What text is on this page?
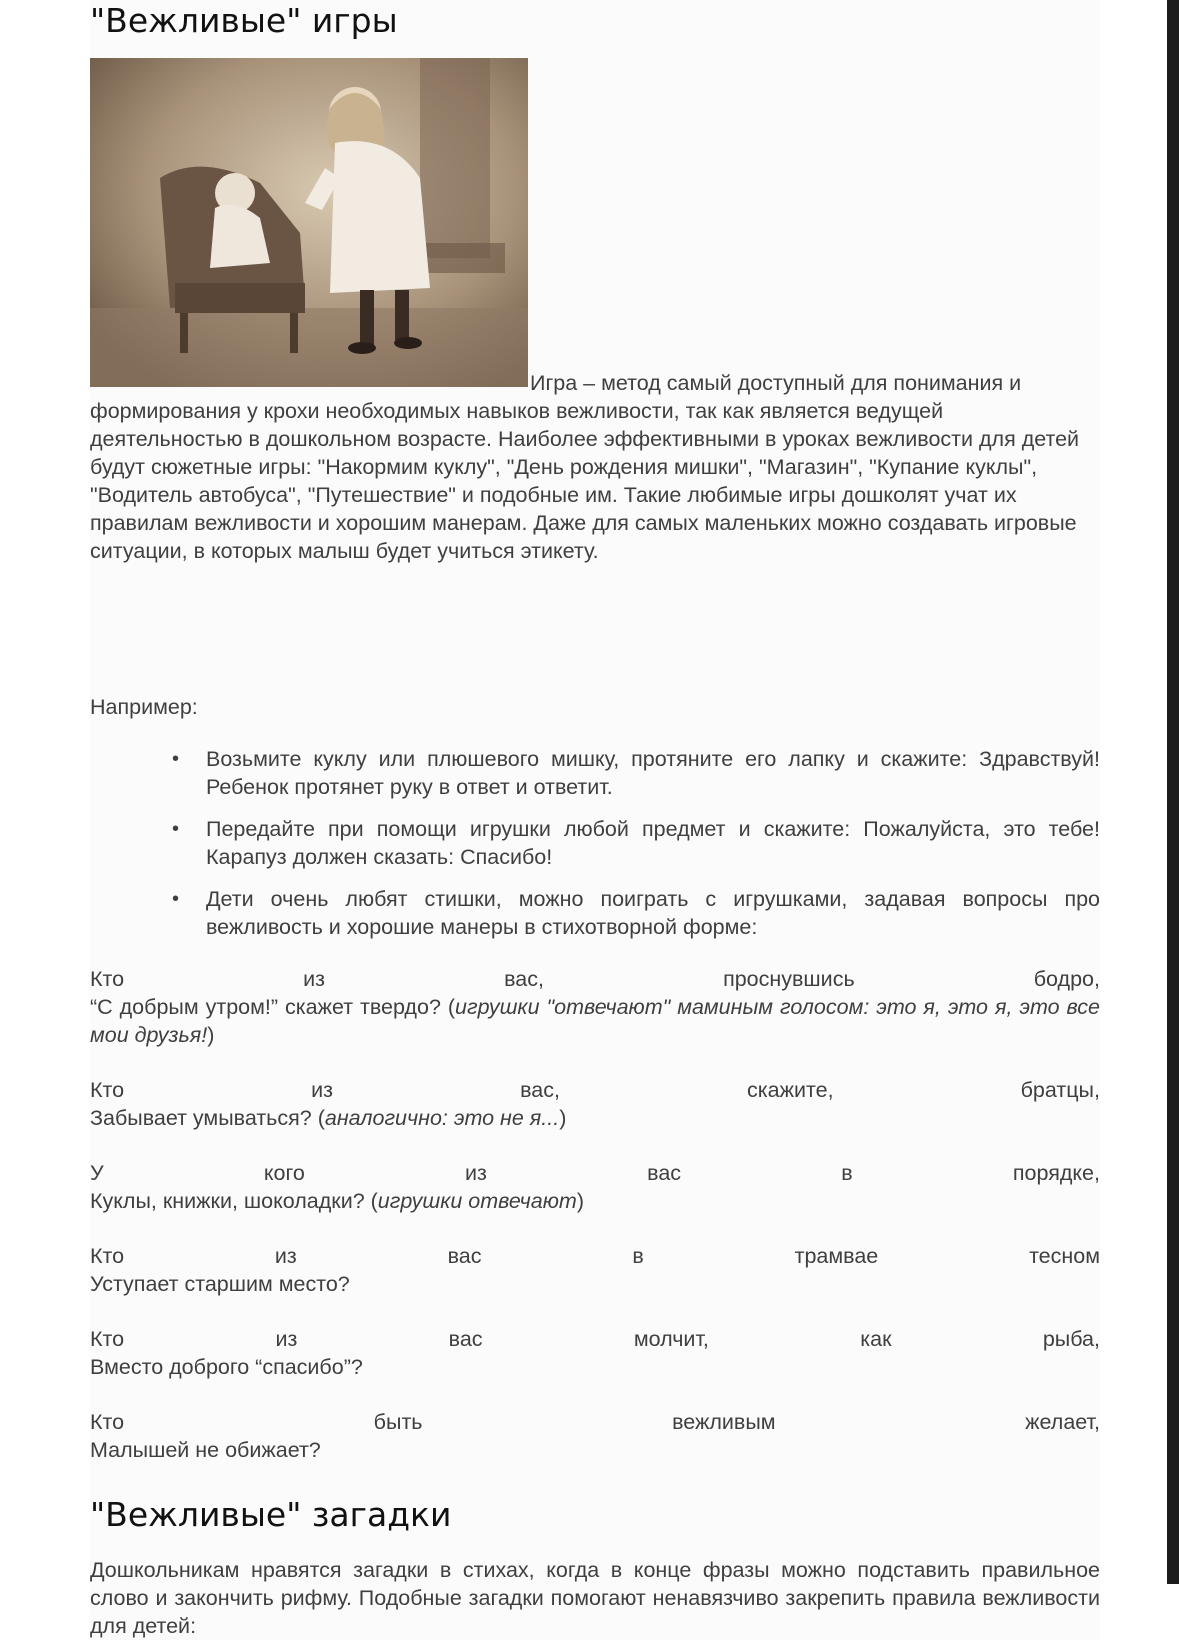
"Вежливые" игры

Игра – метод самый доступный для понимания и формирования у крохи необходимых навыков вежливости, так как является ведущей деятельностью в дошкольном возрасте. Наиболее эффективными в уроках вежливости для детей будут сюжетные игры: "Накормим куклу", "День рождения мишки", "Магазин", "Купание куклы", "Водитель автобуса", "Путешествие" и подобные им. Такие любимые игры дошколят учат их правилам вежливости и хорошим манерам. Даже для самых маленьких можно создавать игровые ситуации, в которых малыш будет учиться этикету.

Например:

• Возьмите куклу или плюшевого мишку, протяните его лапку и скажите: Здравствуй! Ребенок протянет руку в ответ и ответит.
• Передайте при помощи игрушки любой предмет и скажите: Пожалуйста, это тебе! Карапуз должен сказать: Спасибо!
• Дети очень любят стишки, можно поиграть с игрушками, задавая вопросы про вежливость и хорошие манеры в стихотворной форме:

Кто	из	вас,	проснувшись	бодро,

“С добрым утром!” скажет твердо? (игрушки "отвечают" маминым голосом: это я, это я, это все мои друзья!)

Кто	из	вас,	скажите,	братцы,

Забывает умываться? (аналогично: это не я...)

У	кого	из	вас	в	порядке,

Куклы, книжки, шоколадки? (игрушки отвечают)

Кто	из	вас	в	трамвае	тесном

Уступает старшим место?

Кто	из	вас	молчит,	как	рыба,

Вместо доброго “спасибо”?

Кто	быть	вежливым	желает,

Малышей не обижает?

"Вежливые" загадки

Дошкольникам нравятся загадки в стихах, когда в конце фразы можно подставить правильное слово и закончить рифму. Подобные загадки помогают ненавязчиво закрепить правила вежливости для детей:
